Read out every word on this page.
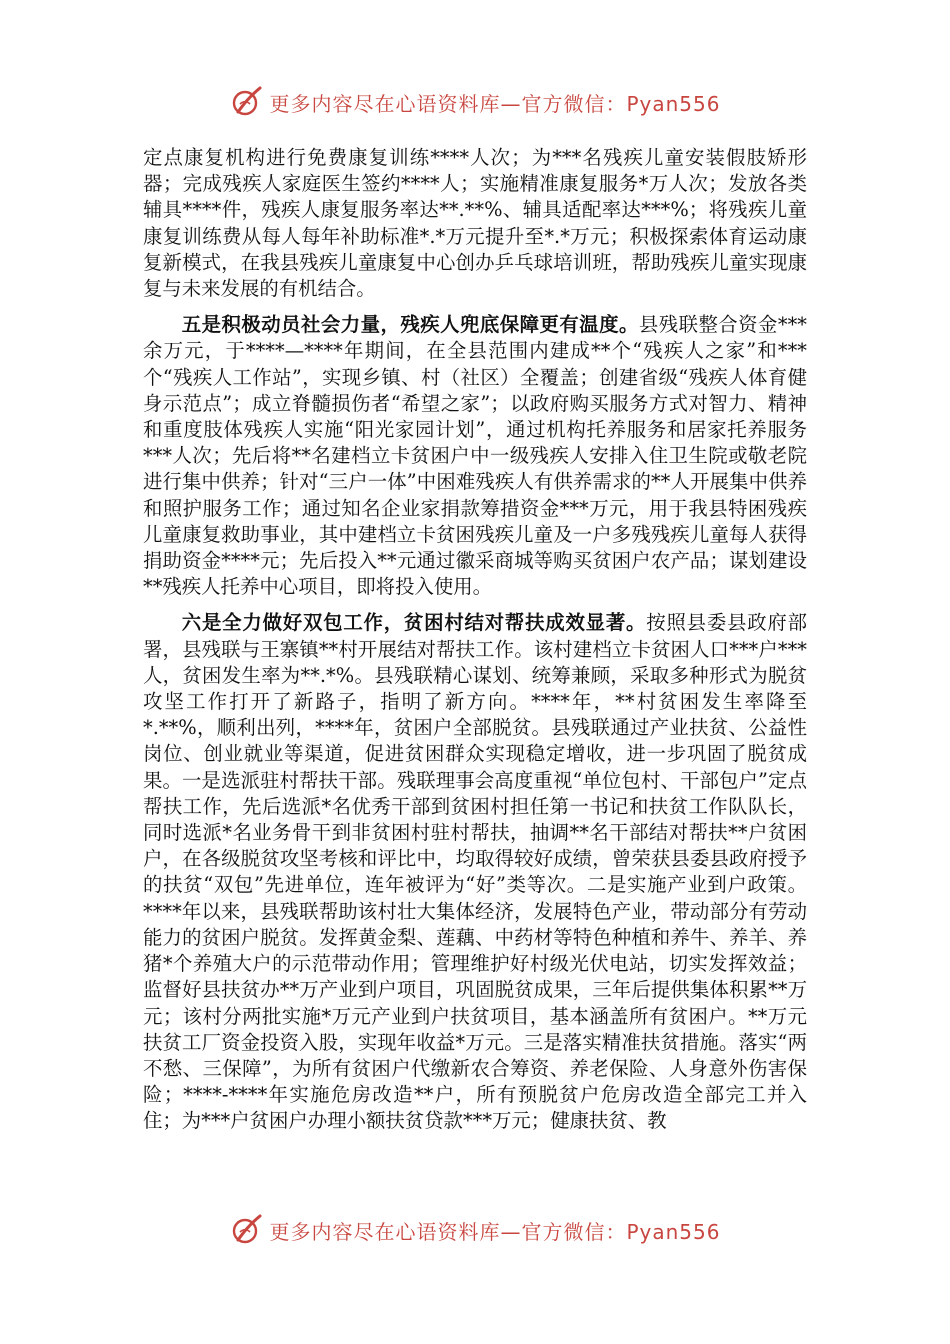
更多内容尽在心语资料库—官方微信：Pyan556

定点康复机构进行免费康复训练****人次；为***名残疾儿童安装假肢矫形器；完成残疾人家庭医生签约****人；实施精准康复服务*万人次；发放各类辅具****件，残疾人康复服务率达**.**%、辅具适配率达***%；将残疾儿童康复训练费从每人每年补助标准*.*万元提升至*.*万元；积极探索体育运动康复新模式，在我县残疾儿童康复中心创办乒乓球培训班，帮助残疾儿童实现康复与未来发展的有机结合。

五是积极动员社会力量，残疾人兜底保障更有温度。县残联整合资金***余万元，于****—****年期间，在全县范围内建成**个“残疾人之家”和***个“残疾人工作站”，实现乡镇、村（社区）全覆盖；创建省级“残疾人体育健身示范点”；成立脊髓损伤者“希望之家”；以政府购买服务方式对智力、精神和重度肢体残疾人实施“阳光家园计划”，通过机构托养服务和居家托养服务***人次；先后将**名建档立卡贫困户中一级残疾人安排入住卫生院或敬老院进行集中供养；针对“三户一体”中困难残疾人有供养需求的**人开展集中供养和照护服务工作；通过知名企业家捐款筹措资金***万元，用于我县特困残疾儿童康复救助事业，其中建档立卡贫困残疾儿童及一户多残残疾儿童每人获得捐助资金****元；先后投入**元通过徽采商城等购买贫困户农产品；谋划建设**残疾人托养中心项目，即将投入使用。

六是全力做好双包工作，贫困村结对帮扶成效显著。按照县委县政府部署，县残联与王寨镇**村开展结对帮扶工作。该村建档立卡贫困人口***户***人，贫困发生率为**.*%。县残联精心谋划、统筹兼顾，采取多种形式为脱贫攻坚工作打开了新路子，指明了新方向。****年，**村贫困发生率降至*.**%，顺利出列，****年，贫困户全部脱贫。县残联通过产业扶贫、公益性岗位、创业就业等渠道，促进贫困群众实现稳定增收，进一步巩固了脱贫成果。一是选派驻村帮扶干部。残联理事会高度重视“单位包村、干部包户”定点帮扶工作，先后选派*名优秀干部到贫困村担任第一书记和扶贫工作队队长，同时选派*名业务骨干到非贫困村驻村帮扶，抽调**名干部结对帮扶**户贫困户，在各级脱贫攻坚考核和评比中，均取得较好成绩，曾荣获县委县政府授予的扶贫“双包”先进单位，连年被评为“好”类等次。二是实施产业到户政策。****年以来，县残联帮助该村壮大集体经济，发展特色产业，带动部分有劳动能力的贫困户脱贫。发挥黄金梨、莲藕、中药材等特色种植和养牛、养羊、养猪*个养殖大户的示范带动作用；管理维护好村级光伏电站，切实发挥效益；监督好县扶贫办**万产业到户项目，巩固脱贫成果，三年后提供集体积累**万元；该村分两批实施*万元产业到户扶贫项目，基本涵盖所有贫困户。**万元扶贫工厂资金投资入股，实现年收益*万元。三是落实精准扶贫措施。落实“两不愁、三保障”，为所有贫困户代缴新农合筹资、养老保险、人身意外伤害保险；****-****年实施危房改造**户，所有预脱贫户危房改造全部完工并入住；为***户贫困户办理小额扶贫贷款***万元；健康扶贫、教

更多内容尽在心语资料库—官方微信：Pyan556
